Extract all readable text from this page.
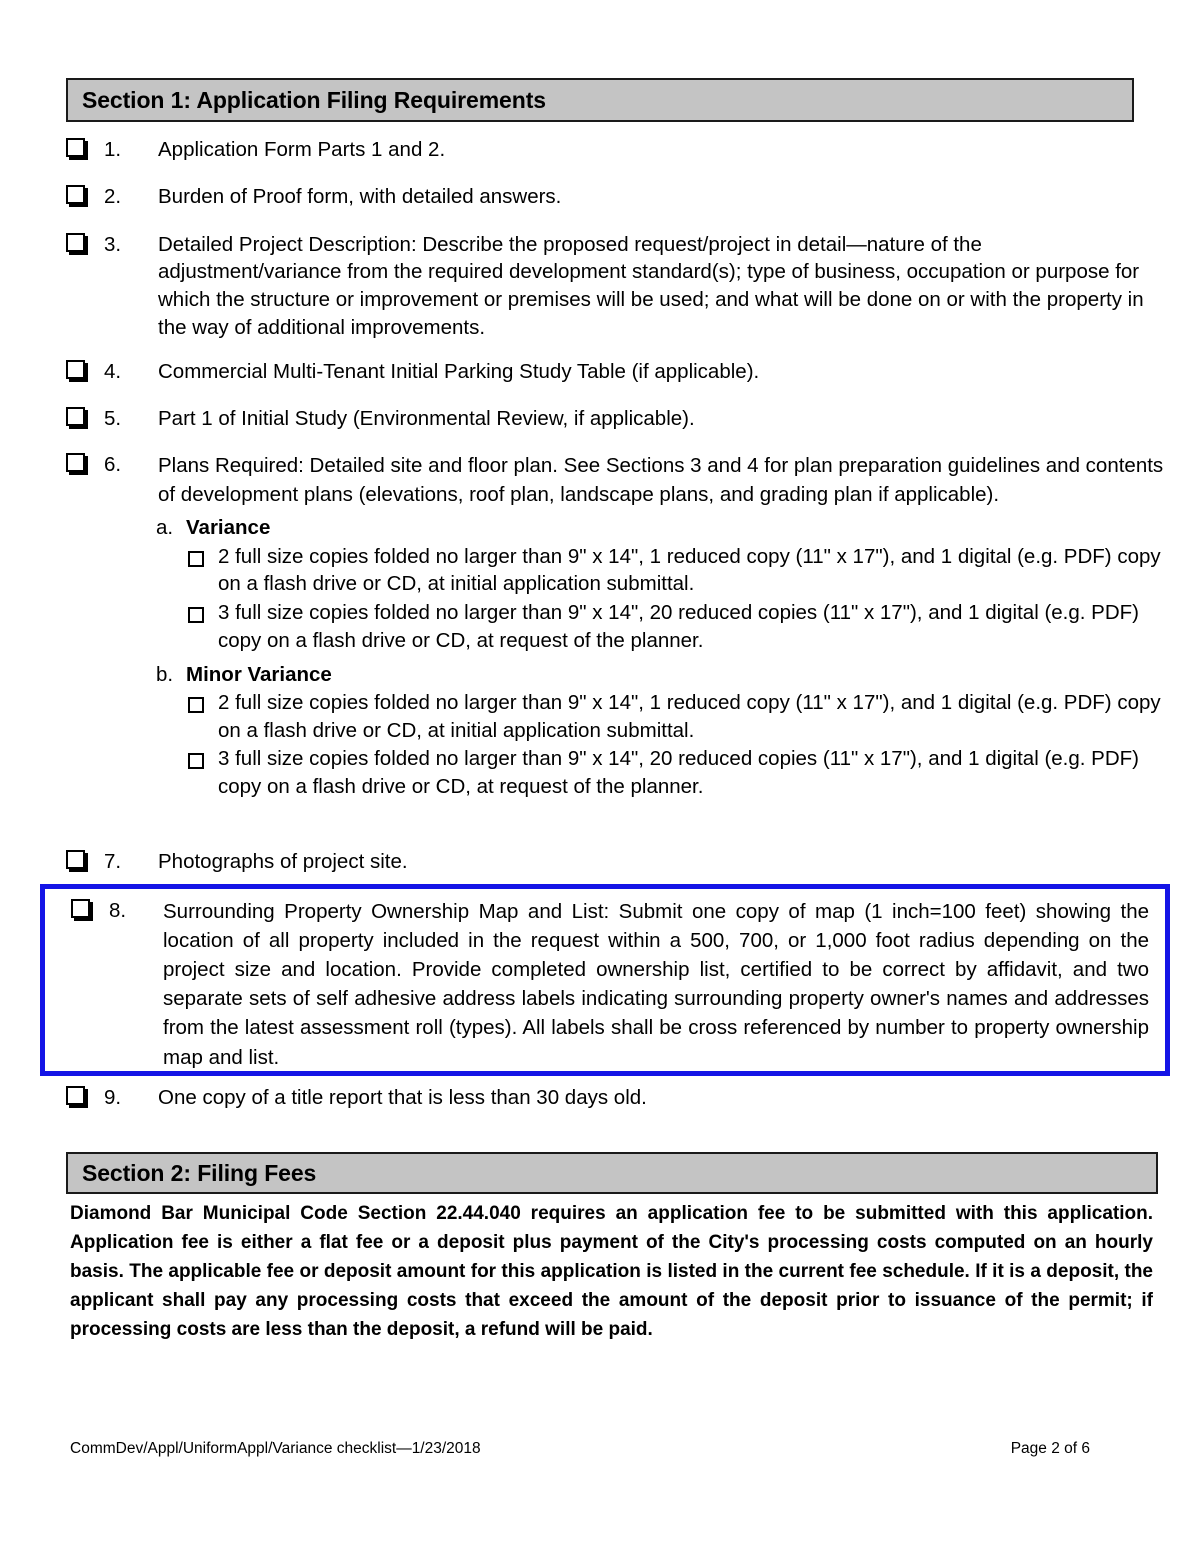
Section 1: Application Filing Requirements
1.	Application Form Parts 1 and 2.
2.	Burden of Proof form, with detailed answers.
3.	Detailed Project Description: Describe the proposed request/project in detail—nature of the adjustment/variance from the required development standard(s); type of business, occupation or purpose for which the structure or improvement or premises will be used; and what will be done on or with the property in the way of additional improvements.
4.	Commercial Multi-Tenant Initial Parking Study Table (if applicable).
5.	Part 1 of Initial Study (Environmental Review, if applicable).
6.	Plans Required: Detailed site and floor plan. See Sections 3 and 4 for plan preparation guidelines and contents of development plans (elevations, roof plan, landscape plans, and grading plan if applicable).
a. Variance
2 full size copies folded no larger than 9" x 14", 1 reduced copy (11" x 17"), and 1 digital (e.g. PDF) copy on a flash drive or CD, at initial application submittal.
3 full size copies folded no larger than 9" x 14", 20 reduced copies (11" x 17"), and 1 digital (e.g. PDF) copy on a flash drive or CD, at request of the planner.
b. Minor Variance
2 full size copies folded no larger than 9" x 14", 1 reduced copy (11" x 17"), and 1 digital (e.g. PDF) copy on a flash drive or CD, at initial application submittal.
3 full size copies folded no larger than 9" x 14", 20 reduced copies (11" x 17"), and 1 digital (e.g. PDF) copy on a flash drive or CD, at request of the planner.
7.	Photographs of project site.
8.	Surrounding Property Ownership Map and List: Submit one copy of map (1 inch=100 feet) showing the location of all property included in the request within a 500, 700, or 1,000 foot radius depending on the project size and location. Provide completed ownership list, certified to be correct by affidavit, and two separate sets of self adhesive address labels indicating surrounding property owner's names and addresses from the latest assessment roll (types). All labels shall be cross referenced by number to property ownership map and list.
9.	One copy of a title report that is less than 30 days old.
Section 2: Filing Fees
Diamond Bar Municipal Code Section 22.44.040 requires an application fee to be submitted with this application. Application fee is either a flat fee or a deposit plus payment of the City's processing costs computed on an hourly basis. The applicable fee or deposit amount for this application is listed in the current fee schedule. If it is a deposit, the applicant shall pay any processing costs that exceed the amount of the deposit prior to issuance of the permit; if processing costs are less than the deposit, a refund will be paid.
CommDev/Appl/UniformAppl/Variance checklist—1/23/2018	Page 2 of 6
